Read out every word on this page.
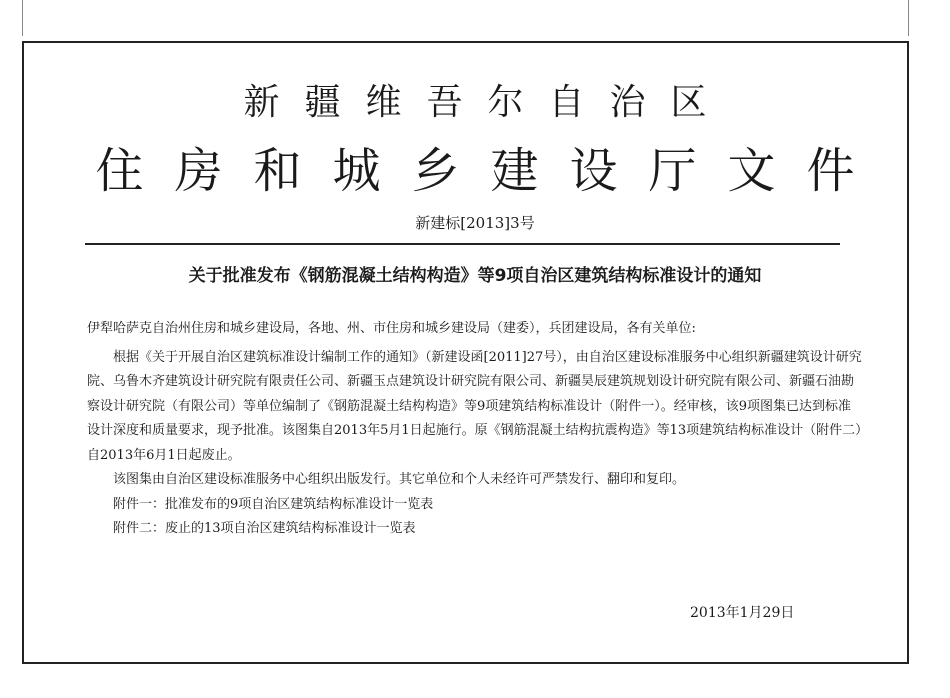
新疆维吾尔自治区
住房和城乡建设厅文件
新建标[2013]3号
关于批准发布《钢筋混凝土结构构造》等9项自治区建筑结构标准设计的通知

伊犁哈萨克自治州住房和城乡建设局，各地、州、市住房和城乡建设局（建委），兵团建设局，各有关单位:

根据《关于开展自治区建筑标准设计编制工作的通知》（新建设函[2011]27号），由自治区建设标准服务中心组织新疆建筑设计研究院、乌鲁木齐建筑设计研究院有限责任公司、新疆玉点建筑设计研究院有限公司、新疆昊辰建筑规划设计研究院有限公司、新疆石油勘察设计研究院（有限公司）等单位编制了《钢筋混凝土结构构造》等9项建筑结构标准设计（附件一）。经审核，该9项图集已达到标准设计深度和质量要求，现予批准。该图集自2013年5月1日起施行。原《钢筋混凝土结构抗震构造》等13项建筑结构标准设计（附件二）自2013年6月1日起废止。

该图集由自治区建设标准服务中心组织出版发行。其它单位和个人未经许可严禁发行、翻印和复印。

附件一：批准发布的9项自治区建筑结构标准设计一览表

附件二：废止的13项自治区建筑结构标准设计一览表

2013年1月29日
